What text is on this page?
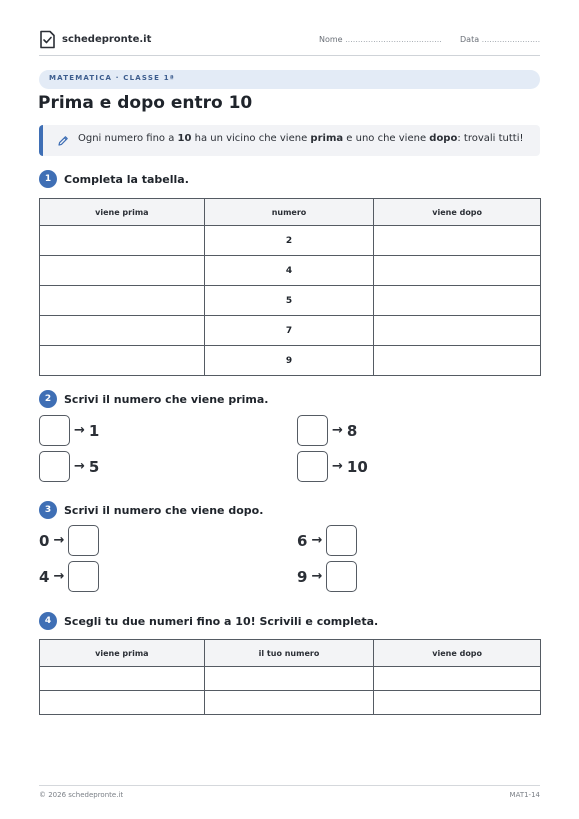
schedepronte.it	Nome ...................................... Data .......................
MATEMATICA · CLASSE 1ª
Prima e dopo entro 10
Ogni numero fino a 10 ha un vicino che viene prima e uno che viene dopo: trovali tutti!
1	Completa la tabella.
viene prima	numero	viene dopo
	2	
	4	
	5	
	7	
	9	
2	Scrivi il numero che viene prima.
→ 1	→ 8
→ 5	→ 10
3	Scrivi il numero che viene dopo.
0 →	6 →
4 →	9 →
4	Scegli tu due numeri fino a 10! Scrivili e completa.
viene prima	il tuo numero	viene dopo

© 2026 schedepronte.it	MAT1-14
